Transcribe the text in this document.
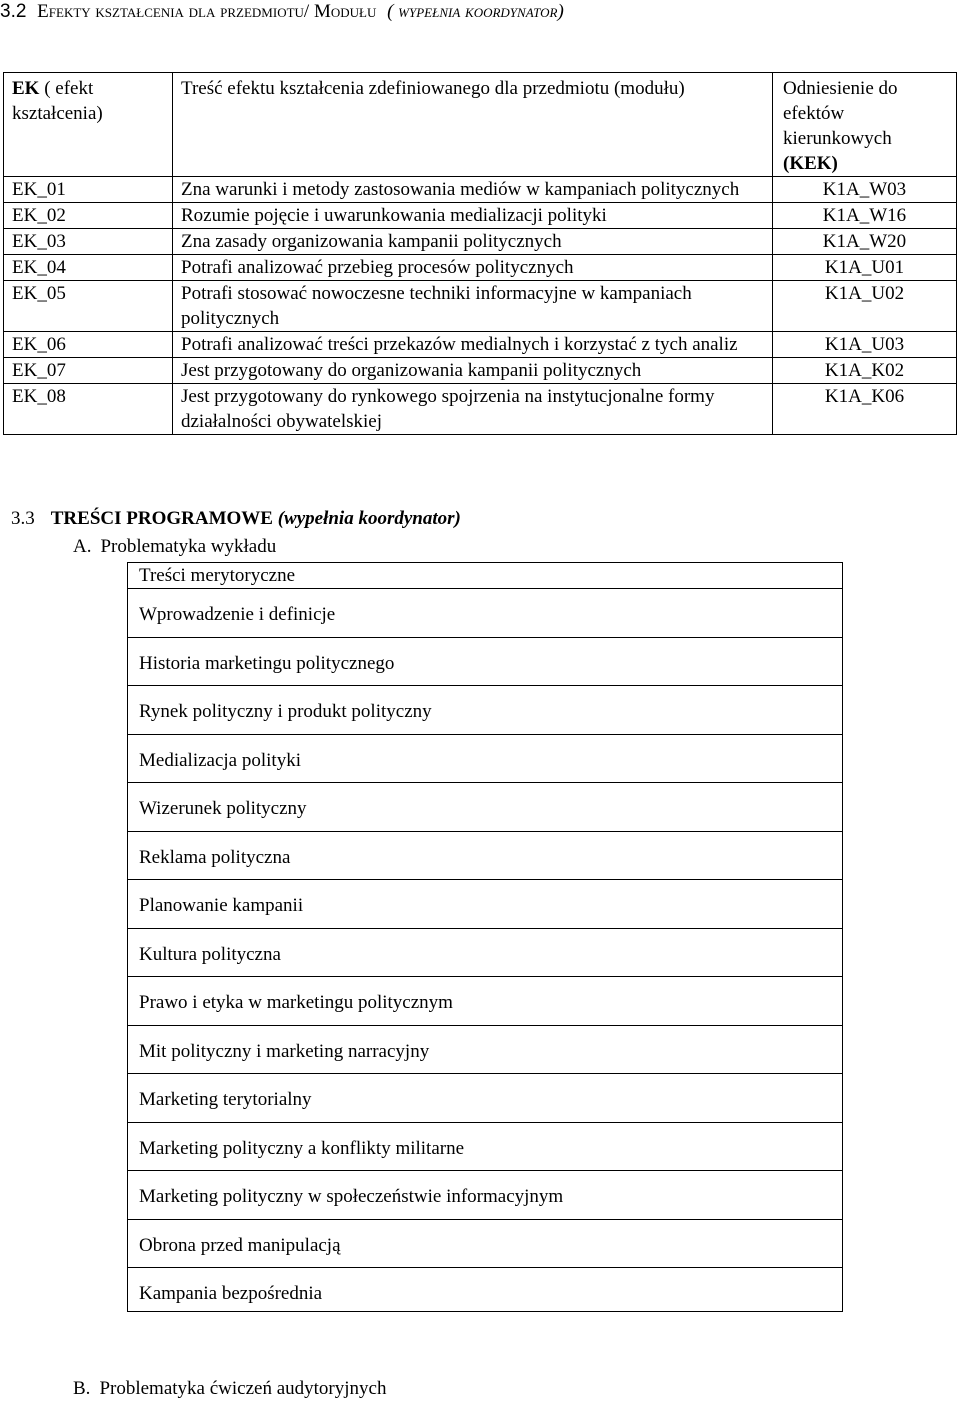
3.2 Efekty kształcenia dla przedmiotu/ Modułu ( wypełnia koordynator)
EK ( efekt kształcenia)	Treść efektu kształcenia zdefiniowanego dla przedmiotu (modułu)	Odniesienie do efektów kierunkowych
(KEK)
EK_01	Zna warunki i metody zastosowania mediów w kampaniach politycznych	K1A_W03
EK_02	Rozumie pojęcie i uwarunkowania medializacji polityki	K1A_W16
EK_03	Zna zasady organizowania kampanii politycznych	K1A_W20
EK_04	Potrafi analizować przebieg procesów politycznych	K1A_U01
EK_05	Potrafi stosować nowoczesne techniki informacyjne w kampaniach politycznych	K1A_U02
EK_06	Potrafi analizować treści przekazów medialnych i korzystać z tych analiz	K1A_U03
EK_07	Jest przygotowany do organizowania kampanii politycznych	K1A_K02
EK_08	Jest przygotowany do rynkowego spojrzenia na instytucjonalne formy działalności obywatelskiej	K1A_K06
3.3 TREŚCI PROGRAMOWE (wypełnia koordynator)
A. Problematyka wykładu
Treści merytoryczne
Wprowadzenie i definicje
Historia marketingu politycznego
Rynek polityczny i produkt polityczny
Medializacja polityki
Wizerunek polityczny
Reklama polityczna
Planowanie kampanii
Kultura polityczna
Prawo i etyka w marketingu politycznym
Mit polityczny i marketing narracyjny
Marketing terytorialny
Marketing polityczny a konflikty militarne
Marketing polityczny w społeczeństwie informacyjnym
Obrona przed manipulacją
Kampania bezpośrednia
B. Problematyka ćwiczeń audytoryjnych
